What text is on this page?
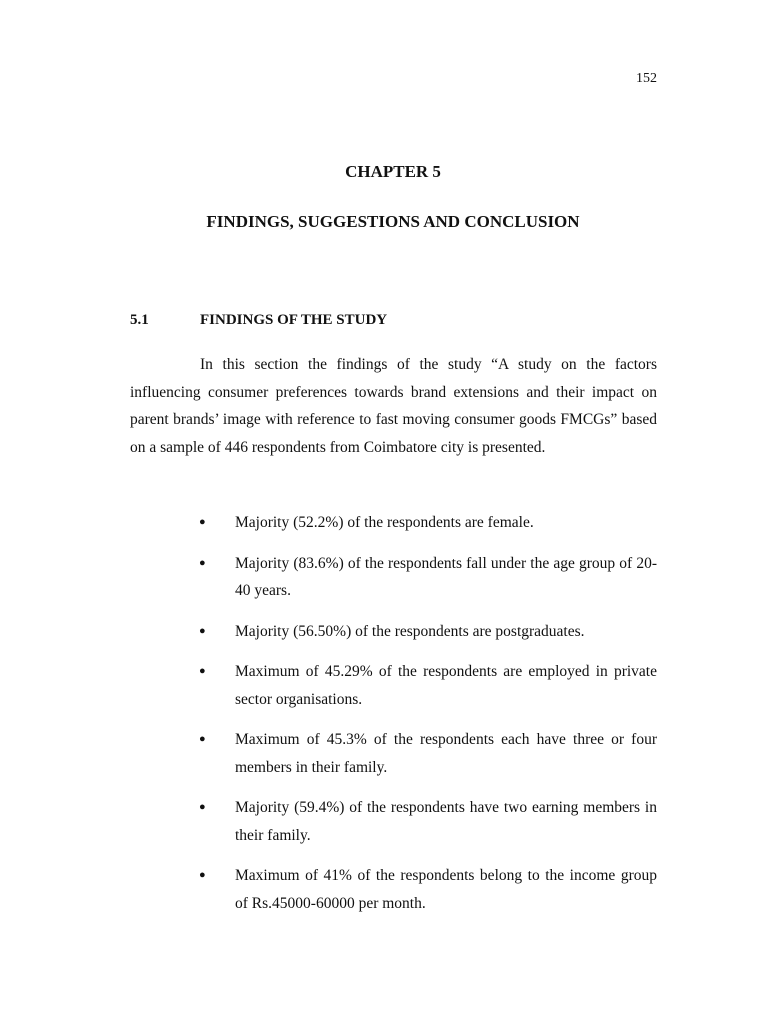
152
CHAPTER 5
FINDINGS, SUGGESTIONS AND CONCLUSION
5.1	FINDINGS OF THE STUDY

In this section the findings of the study “A study on the factors influencing consumer preferences towards brand extensions and their impact on parent brands’ image with reference to fast moving consumer goods FMCGs” based on a sample of 446 respondents from Coimbatore city is presented.

● Majority (52.2%) of the respondents are female.
● Majority (83.6%) of the respondents fall under the age group of 20-40 years.
● Majority (56.50%) of the respondents are postgraduates.
● Maximum of 45.29% of the respondents are employed in private sector organisations.
● Maximum of 45.3% of the respondents each have three or four members in their family.
● Majority (59.4%) of the respondents have two earning members in their family.
● Maximum of 41% of the respondents belong to the income group of Rs.45000-60000 per month.
